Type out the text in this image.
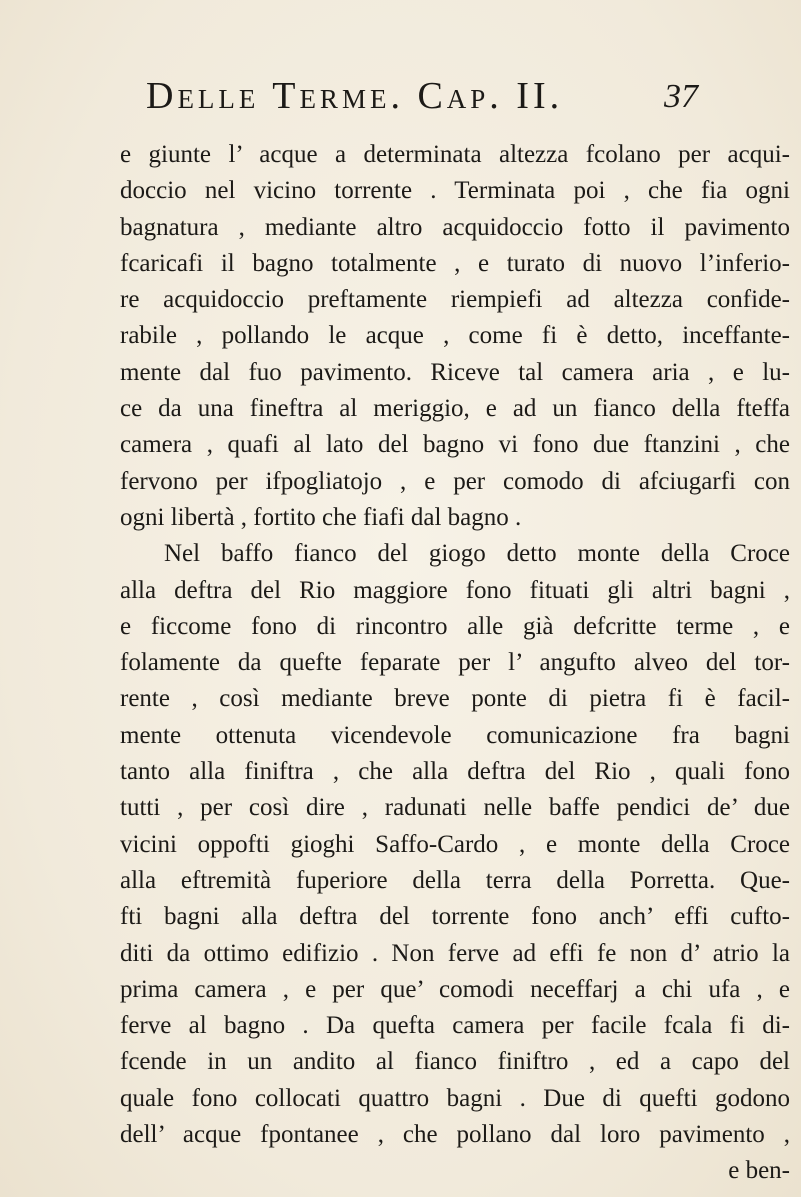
Delle Terme. Cap. II.	37
e giunte l’ acque a determinata altezza fcolano per acqui-
doccio nel vicino torrente . Terminata poi , che fia ogni
bagnatura , mediante altro acquidoccio fotto il pavimento
fcaricafi il bagno totalmente , e turato di nuovo l’inferio-
re acquidoccio preftamente riempiefi ad altezza confide-
rabile , pollando le acque , come fi è detto, inceffante-
mente dal fuo pavimento. Riceve tal camera aria , e lu-
ce da una fineftra al meriggio, e ad un fianco della fteffa
camera , quafi al lato del bagno vi fono due ftanzini , che
fervono per ifpogliatojo , e per comodo di afciugarfi con
ogni libertà , fortito che fiafi dal bagno .
Nel baffo fianco del giogo detto monte della Croce
alla deftra del Rio maggiore fono fituati gli altri bagni ,
e ficcome fono di rincontro alle già defcritte terme , e
folamente da quefte feparate per l’ angufto alveo del tor-
rente , così mediante breve ponte di pietra fi è facil-
mente ottenuta vicendevole comunicazione fra bagni
tanto alla finiftra , che alla deftra del Rio , quali fono
tutti , per così dire , radunati nelle baffe pendici de’ due
vicini oppofti gioghi Saffo-Cardo , e monte della Croce
alla eftremità fuperiore della terra della Porretta. Que-
fti bagni alla deftra del torrente fono anch’ effi cufto-
diti da ottimo edifizio . Non ferve ad effi fe non d’ atrio la
prima camera , e per que’ comodi neceffarj a chi ufa , e
ferve al bagno . Da quefta camera per facile fcala fi di-
fcende in un andito al fianco finiftro , ed a capo del
quale fono collocati quattro bagni . Due di quefti godono
dell’ acque fpontanee , che pollano dal loro pavimento ,
e ben-
